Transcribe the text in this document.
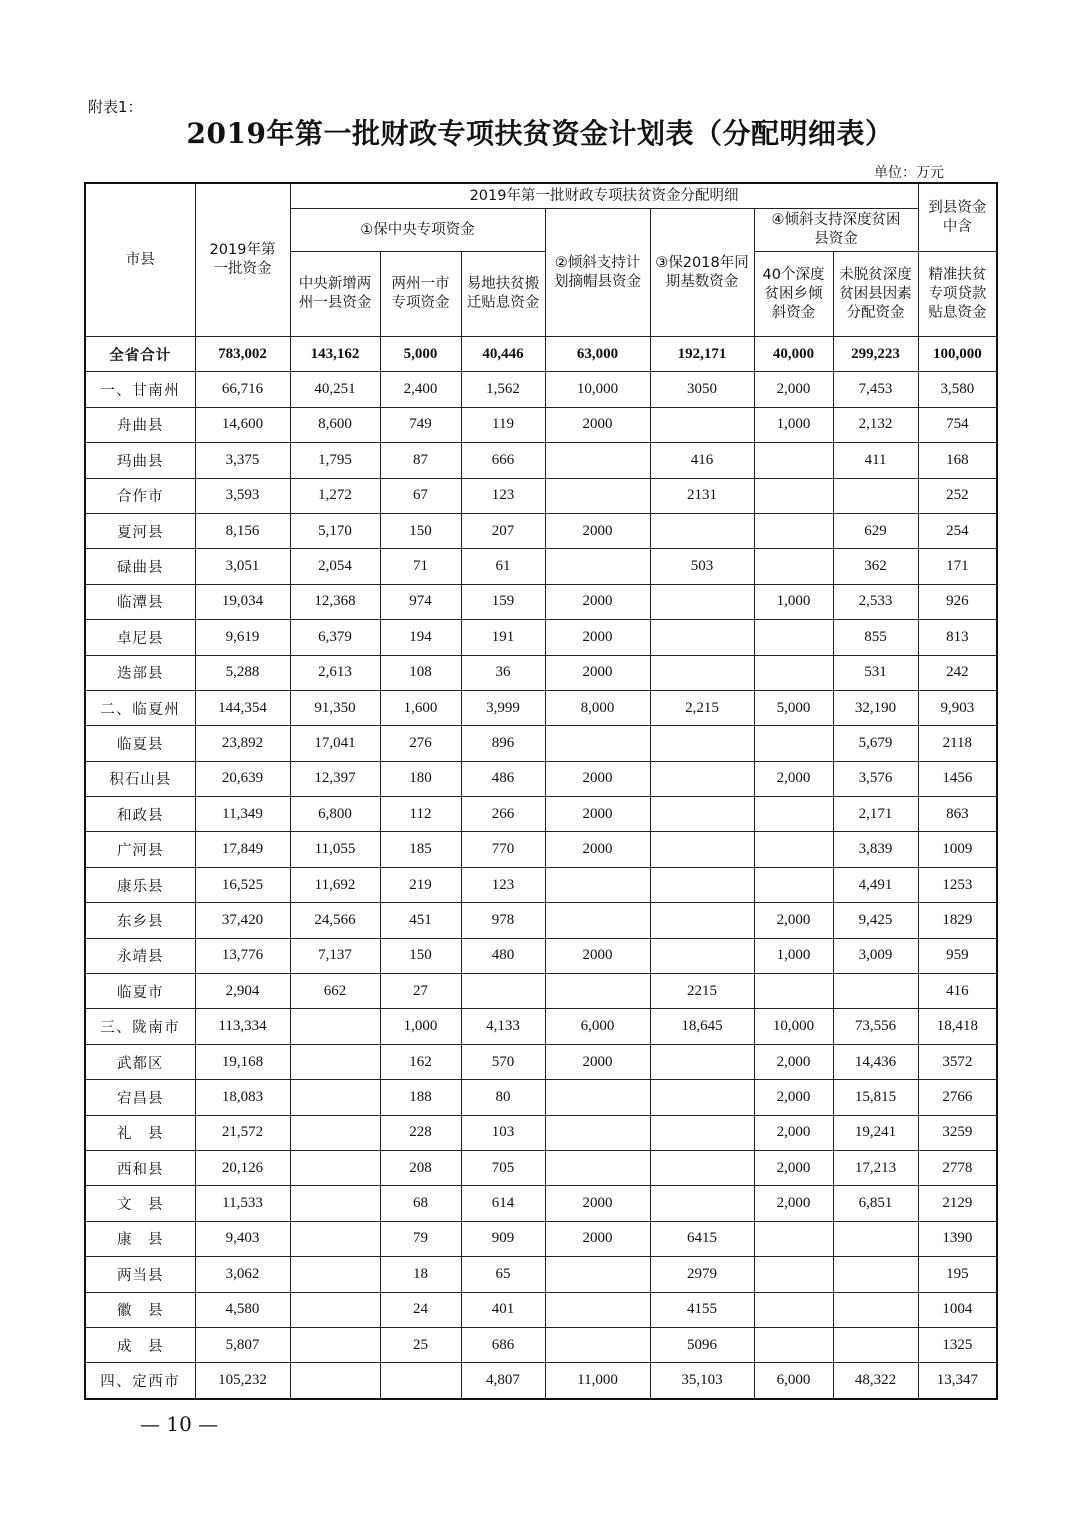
附表1：
2019年第一批财政专项扶贫资金计划表（分配明细表）
单位：万元
市县	2019年第一批资金	2019年第一批财政专项扶贫资金分配明细							到县资金中含
		①保中央专项资金			②倾斜支持计划摘帽县资金	③保2018年同期基数资金	④倾斜支持深度贫困县资金		
		中央新增两州一县资金	两州一市专项资金	易地扶贫搬迁贴息资金			40个深度贫困乡倾斜资金	未脱贫深度贫困县因素分配资金	精准扶贫专项贷款贴息资金
全省合计	783,002	143,162	5,000	40,446	63,000	192,171	40,000	299,223	100,000
一、甘南州	66,716	40,251	2,400	1,562	10,000	3050	2,000	7,453	3,580
舟曲县	14,600	8,600	749	119	2000		1,000	2,132	754
玛曲县	3,375	1,795	87	666		416		411	168
合作市	3,593	1,272	67	123		2131			252
夏河县	8,156	5,170	150	207	2000			629	254
碌曲县	3,051	2,054	71	61		503		362	171
临潭县	19,034	12,368	974	159	2000		1,000	2,533	926
卓尼县	9,619	6,379	194	191	2000			855	813
迭部县	5,288	2,613	108	36	2000			531	242
二、临夏州	144,354	91,350	1,600	3,999	8,000	2,215	5,000	32,190	9,903
临夏县	23,892	17,041	276	896				5,679	2118
积石山县	20,639	12,397	180	486	2000		2,000	3,576	1456
和政县	11,349	6,800	112	266	2000			2,171	863
广河县	17,849	11,055	185	770	2000			3,839	1009
康乐县	16,525	11,692	219	123				4,491	1253
东乡县	37,420	24,566	451	978			2,000	9,425	1829
永靖县	13,776	7,137	150	480	2000		1,000	3,009	959
临夏市	2,904	662	27			2215			416
三、陇南市	113,334		1,000	4,133	6,000	18,645	10,000	73,556	18,418
武都区	19,168		162	570	2000		2,000	14,436	3572
宕昌县	18,083		188	80			2,000	15,815	2766
礼　县	21,572		228	103			2,000	19,241	3259
西和县	20,126		208	705			2,000	17,213	2778
文　县	11,533		68	614	2000		2,000	6,851	2129
康　县	9,403		79	909	2000	6415			1390
两当县	3,062		18	65		2979			195
徽　县	4,580		24	401		4155			1004
成　县	5,807		25	686		5096			1325
四、定西市	105,232			4,807	11,000	35,103	6,000	48,322	13,347
— 10 —
